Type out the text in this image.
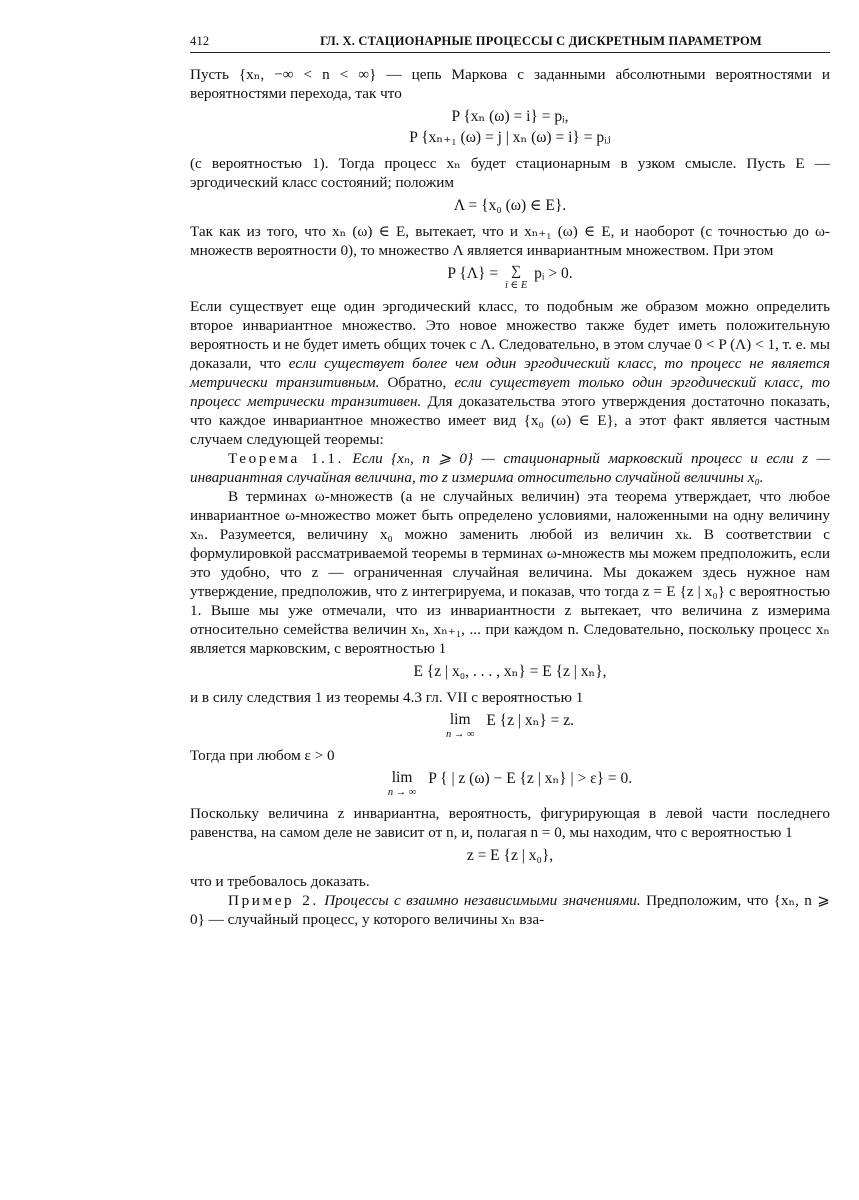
412	ГЛ. X. СТАЦИОНАРНЫЕ ПРОЦЕССЫ С ДИСКРЕТНЫМ ПАРАМЕТРОМ

Пусть {xₙ, −∞ < n < ∞} — цепь Маркова с заданными абсолютными вероятностями и вероятностями перехода, так что

P {xₙ (ω) = i} = pᵢ,
P {xₙ₊₁ (ω) = j | xₙ (ω) = i} = pᵢⱼ

(с вероятностью 1). Тогда процесс xₙ будет стационарным в узком смысле. Пусть E — эргодический класс состояний; положим

Λ = {x₀ (ω) ∈ E}.

Так как из того, что xₙ (ω) ∈ E, вытекает, что и xₙ₊₁ (ω) ∈ E, и наоборот (с точностью до ω-множеств вероятности 0), то множество Λ является инвариантным множеством. При этом

P {Λ} = ∑
i ∈ E
pᵢ > 0.

Если существует еще один эргодический класс, то подобным же образом можно определить второе инвариантное множество. Это новое множество также будет иметь положительную вероятность и не будет иметь общих точек с Λ. Следовательно, в этом случае 0 < P (Λ) < 1, т. е. мы доказали, что если существует более чем один эргодический класс, то процесс не является метрически транзитивным. Обратно, если существует только один эргодический класс, то процесс метрически транзитивен. Для доказательства этого утверждения достаточно показать, что каждое инвариантное множество имеет вид {x₀ (ω) ∈ E}, а этот факт является частным случаем следующей теоремы:

Теорема 1.1. Если {xₙ, n ⩾ 0} — стационарный марковский процесс и если z — инвариантная случайная величина, то z измерима относительно случайной величины x₀.

В терминах ω-множеств (а не случайных величин) эта теорема утверждает, что любое инвариантное ω-множество может быть определено условиями, наложенными на одну величину xₙ. Разумеется, величину x₀ можно заменить любой из величин xₖ. В соответствии с формулировкой рассматриваемой теоремы в терминах ω-множеств мы можем предположить, если это удобно, что z — ограниченная случайная величина. Мы докажем здесь нужное нам утверждение, предположив, что z интегрируема, и показав, что тогда z = E {z | x₀} с вероятностью 1. Выше мы уже отмечали, что из инвариантности z вытекает, что величина z измерима относительно семейства величин xₙ, xₙ₊₁, ... при каждом n. Следовательно, поскольку процесс xₙ является марковским, с вероятностью 1

E {z | x₀, . . . , xₙ} = E {z | xₙ},

и в силу следствия 1 из теоремы 4.3 гл. VII с вероятностью 1

lim
n → ∞
E {z | xₙ} = z.

Тогда при любом ε > 0

lim
n → ∞
P { | z (ω) − E {z | xₙ} | > ε} = 0.

Поскольку величина z инвариантна, вероятность, фигурирующая в левой части последнего равенства, на самом деле не зависит от n, и, полагая n = 0, мы находим, что с вероятностью 1

z = E {z | x₀},

что и требовалось доказать.

Пример 2. Процессы с взаимно независимыми значениями. Предположим, что {xₙ, n ⩾ 0} — случайный процесс, у которого величины xₙ вза-
